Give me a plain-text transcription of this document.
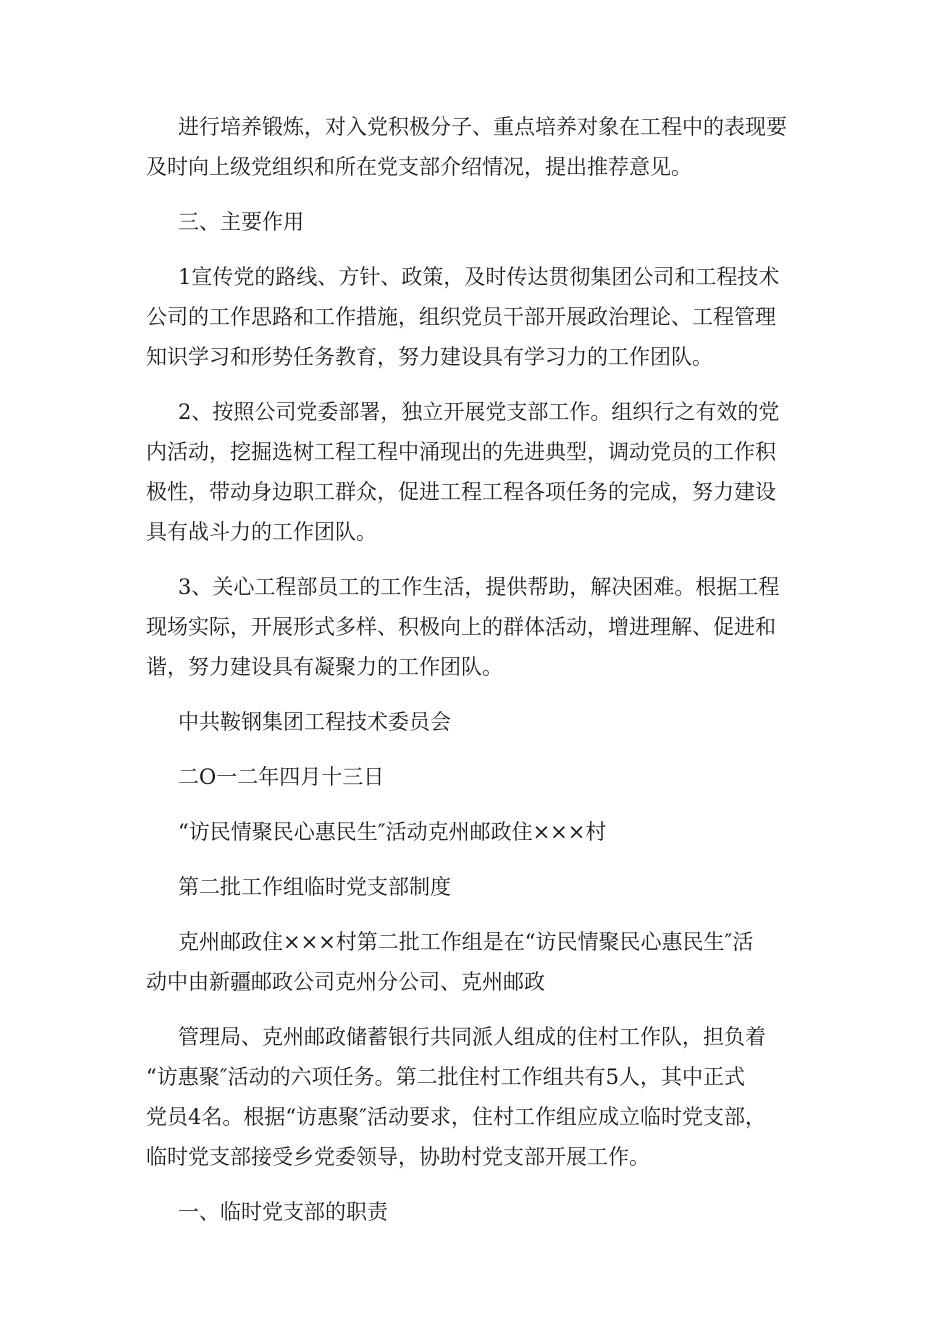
进行培养锻炼，对入党积极分子、重点培养对象在工程中的表现要
及时向上级党组织和所在党支部介绍情况，提出推荐意见。
三、主要作用
1宣传党的路线、方针、政策，及时传达贯彻集团公司和工程技术
公司的工作思路和工作措施，组织党员干部开展政治理论、工程管理
知识学习和形势任务教育，努力建设具有学习力的工作团队。
2、按照公司党委部署，独立开展党支部工作。组织行之有效的党
内活动，挖掘选树工程工程中涌现出的先进典型，调动党员的工作积
极性，带动身边职工群众，促进工程工程各项任务的完成，努力建设
具有战斗力的工作团队。
3、关心工程部员工的工作生活，提供帮助，解决困难。根据工程
现场实际，开展形式多样、积极向上的群体活动，增进理解、促进和
谐，努力建设具有凝聚力的工作团队。
中共鞍钢集团工程技术委员会
二O一二年四月十三日
“访民情聚民心惠民生″活动克州邮政住×××村
第二批工作组临时党支部制度
克州邮政住×××村第二批工作组是在“访民情聚民心惠民生″活
动中由新疆邮政公司克州分公司、克州邮政
管理局、克州邮政储蓄银行共同派人组成的住村工作队，担负着
“访惠聚″活动的六项任务。第二批住村工作组共有5人，其中正式
党员4名。根据“访惠聚″活动要求，住村工作组应成立临时党支部，
临时党支部接受乡党委领导，协助村党支部开展工作。
一、临时党支部的职责
